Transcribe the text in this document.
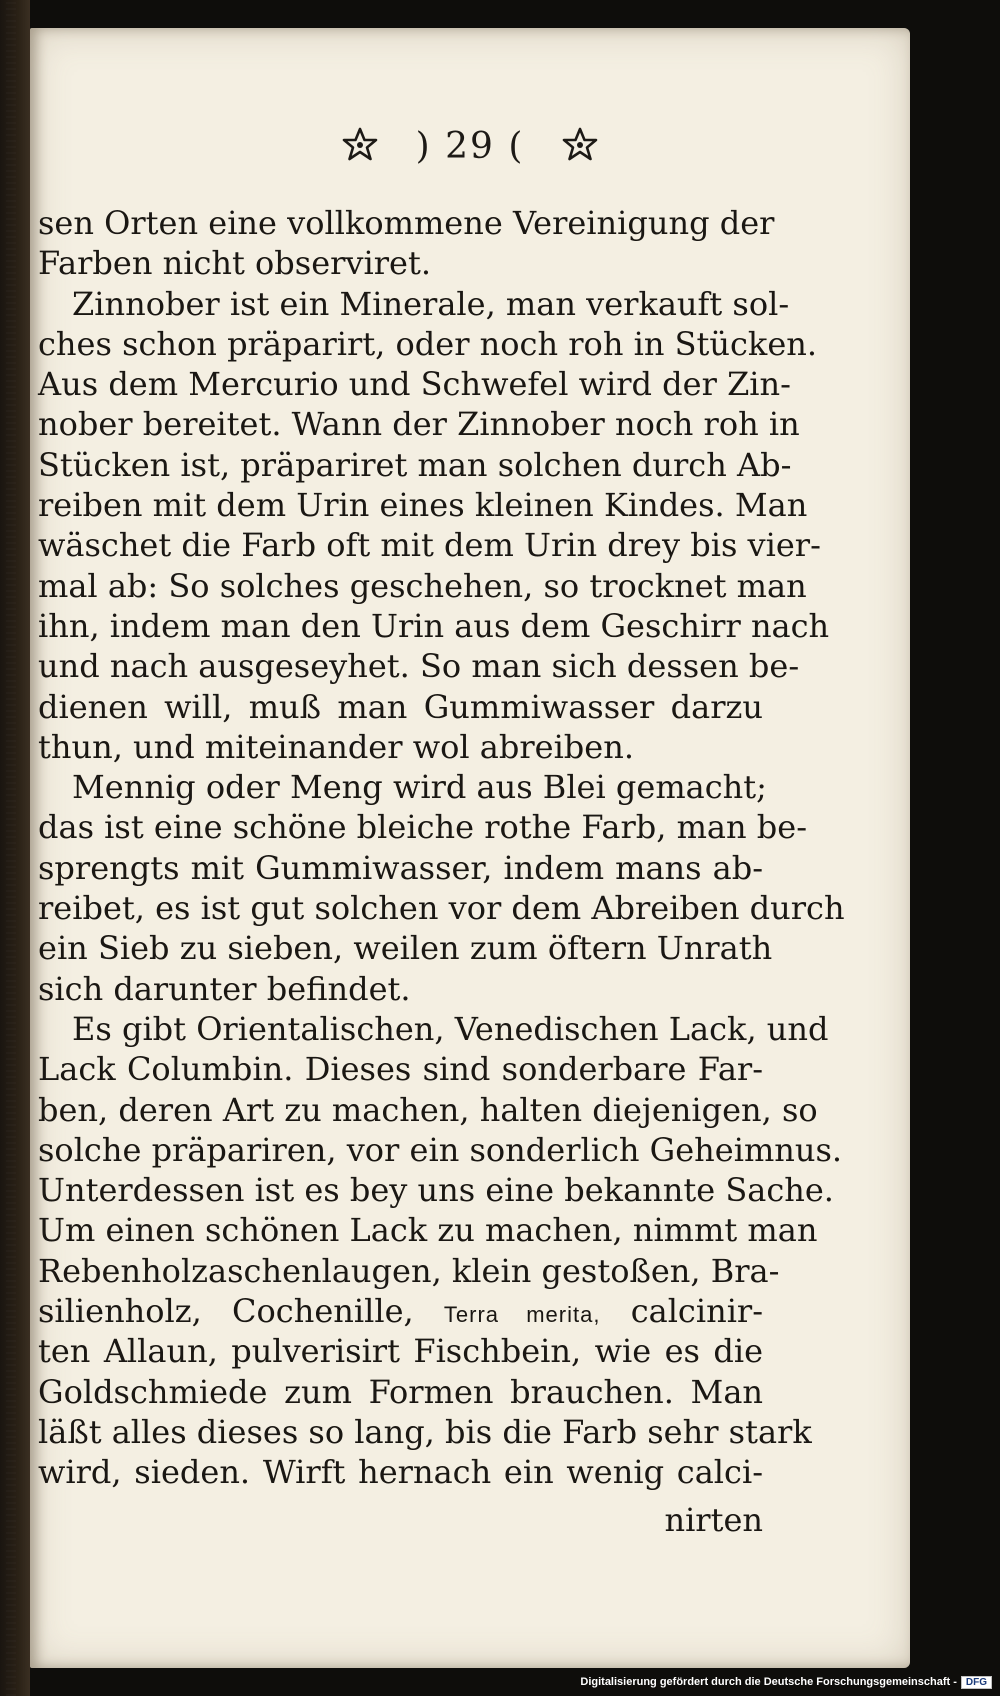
) 29 (
sen Orten eine vollkommene Vereinigung der
Farben nicht observiret.
Zinnober ist ein Minerale, man verkauft sol-
ches schon präparirt, oder noch roh in Stücken.
Aus dem Mercurio und Schwefel wird der Zin-
nober bereitet. Wann der Zinnober noch roh in
Stücken ist, präpariret man solchen durch Ab-
reiben mit dem Urin eines kleinen Kindes. Man
wäschet die Farb oft mit dem Urin drey bis vier-
mal ab: So solches geschehen, so trocknet man
ihn, indem man den Urin aus dem Geschirr nach
und nach ausgeseyhet. So man sich dessen be-
dienen will, muß man Gummiwasser darzu
thun, und miteinander wol abreiben.
Mennig oder Meng wird aus Blei gemacht;
das ist eine schöne bleiche rothe Farb, man be-
sprengts mit Gummiwasser, indem mans ab-
reibet, es ist gut solchen vor dem Abreiben durch
ein Sieb zu sieben, weilen zum öftern Unrath
sich darunter befindet.
Es gibt Orientalischen, Venedischen Lack, und
Lack Columbin. Dieses sind sonderbare Far-
ben, deren Art zu machen, halten diejenigen, so
solche präpariren, vor ein sonderlich Geheimnus.
Unterdessen ist es bey uns eine bekannte Sache.
Um einen schönen Lack zu machen, nimmt man
Rebenholzaschenlaugen, klein gestoßen, Bra-
silienholz, Cochenille, Terra merita, calcinir-
ten Allaun, pulverisirt Fischbein, wie es die
Goldschmiede zum Formen brauchen. Man
läßt alles dieses so lang, bis die Farb sehr stark
wird, sieden. Wirft hernach ein wenig calci-
nirten
Digitalisierung gefördert durch die Deutsche Forschungsgemeinschaft - DFG
